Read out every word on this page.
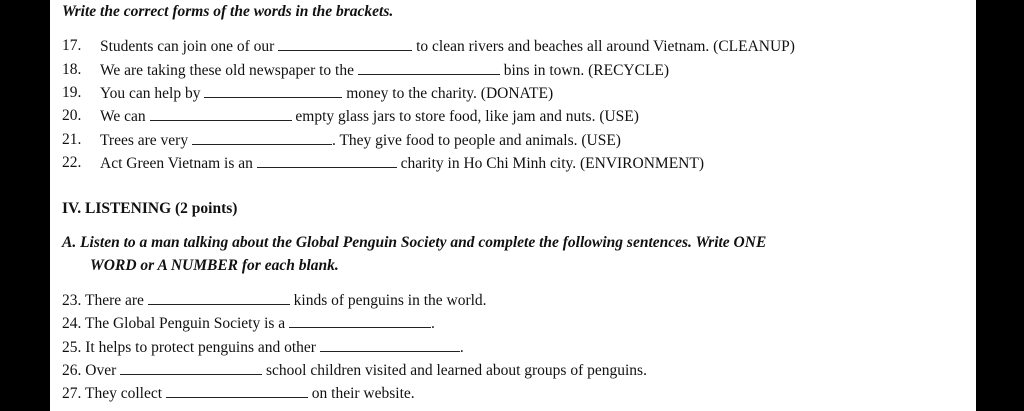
Write the correct forms of the words in the brackets.
17. Students can join one of our	to clean rivers and beaches all around Vietnam. (CLEANUP)
18. We are taking these old newspaper to the	bins in town. (RECYCLE)
19. You can help by	money to the charity. (DONATE)
20. We can	empty glass jars to store food, like jam and nuts. (USE)
21. Trees are very	. They give food to people and animals. (USE)
22. Act Green Vietnam is an	charity in Ho Chi Minh city. (ENVIRONMENT)
IV. LISTENING (2 points)
A. Listen to a man talking about the Global Penguin Society and complete the following sentences. Write ONE
WORD or A NUMBER for each blank.
23. There are	kinds of penguins in the world.
24. The Global Penguin Society is a	.
25. It helps to protect penguins and other	.
26. Over	school children visited and learned about groups of penguins.
27. They collect	on their website.
